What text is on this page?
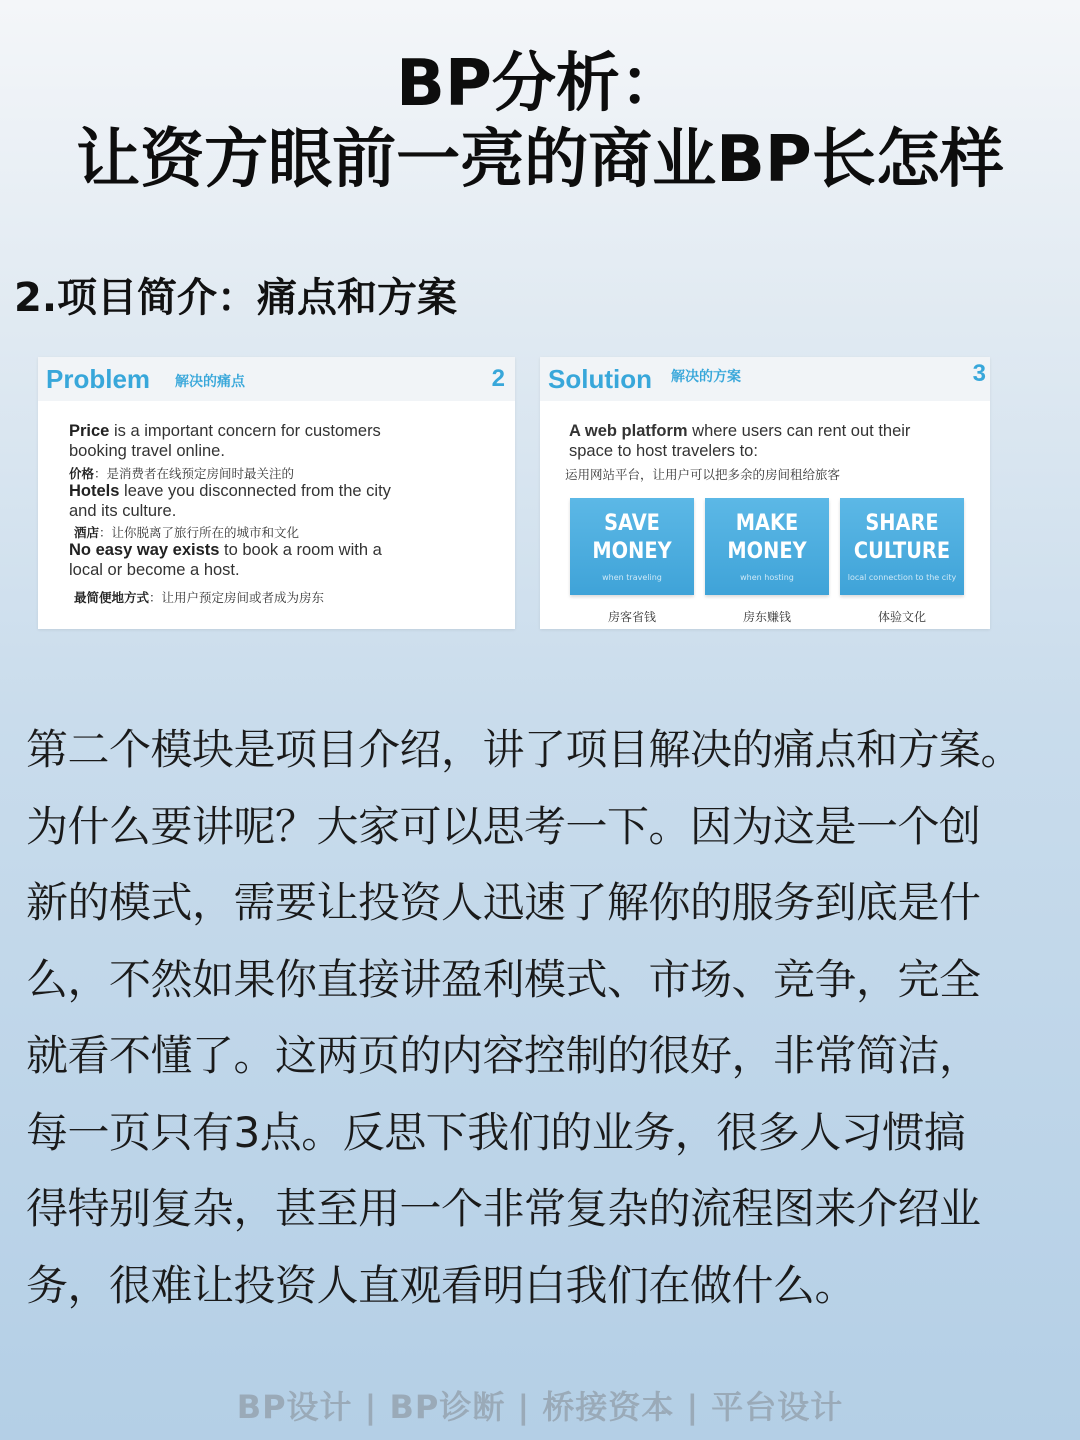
BP分析：
让资方眼前一亮的商业BP长怎样
2.项目简介：痛点和方案
Problem 解决的痛点	2
Price is a important concern for customers
booking travel online.
价格：是消费者在线预定房间时最关注的
Hotels leave you disconnected from the city
and its culture.
酒店：让你脱离了旅行所在的城市和文化
No easy way exists to book a room with a
local or become a host.
最简便地方式：让用户预定房间或者成为房东
Solution 解决的方案	3
A web platform where users can rent out their
space to host travelers to:
运用网站平台，让用户可以把多余的房间租给旅客
SAVE
MONEY
when traveling
房客省钱
MAKE
MONEY
when hosting
房东赚钱
SHARE
CULTURE
local connection to the city
体验文化
第二个模块是项目介绍，讲了项目解决的痛点和方案。
为什么要讲呢？大家可以思考一下。因为这是一个创
新的模式，需要让投资人迅速了解你的服务到底是什
么，不然如果你直接讲盈利模式、市场、竞争，完全
就看不懂了。这两页的内容控制的很好，非常简洁，
每一页只有3点。反思下我们的业务，很多人习惯搞
得特别复杂，甚至用一个非常复杂的流程图来介绍业
务，很难让投资人直观看明白我们在做什么。
BP设计 | BP诊断 | 桥接资本 | 平台设计
